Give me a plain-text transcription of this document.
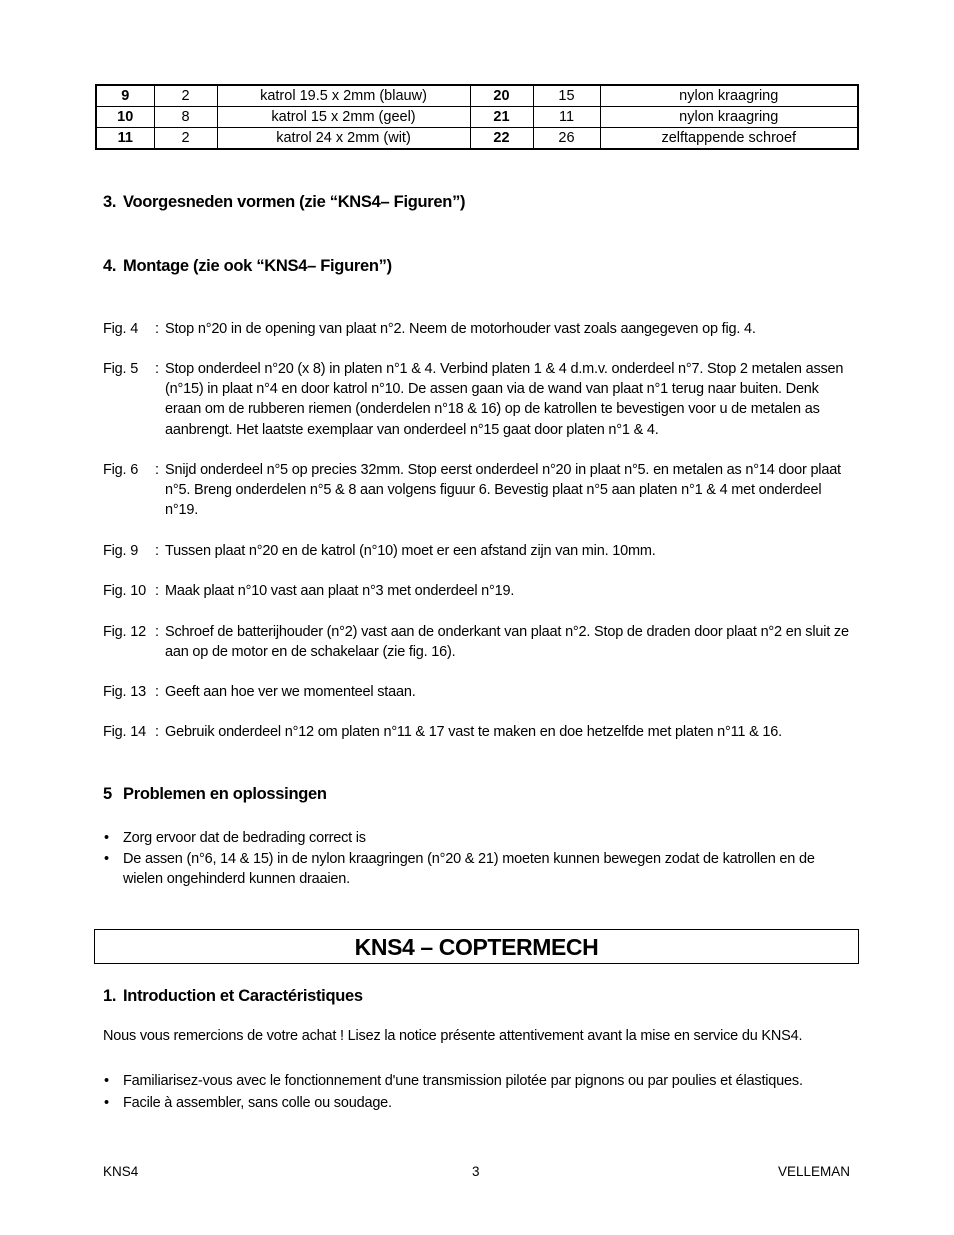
9	2	katrol 19.5 x 2mm (blauw)	20	15	nylon kraagring
10	8	katrol 15 x 2mm (geel)	21	11	nylon kraagring
11	2	katrol 24 x 2mm (wit)	22	26	zelftappende schroef
3. Voorgesneden vormen (zie “KNS4– Figuren”)
4. Montage (zie ook “KNS4– Figuren”)
Fig. 4	: Stop n°20 in de opening van plaat n°2. Neem de motorhouder vast zoals aangegeven op fig. 4.
Fig. 5	: Stop onderdeel n°20 (x 8) in platen n°1 & 4. Verbind platen 1 & 4 d.m.v. onderdeel n°7. Stop 2 metalen assen (n°15) in plaat n°4 en door katrol n°10. De assen gaan via de wand van plaat n°1 terug naar buiten. Denk eraan om de rubberen riemen (onderdelen n°18 & 16) op de katrollen te bevestigen voor u de metalen as aanbrengt. Het laatste exemplaar van onderdeel n°15 gaat door platen n°1 & 4.
Fig. 6	: Snijd onderdeel n°5 op precies 32mm. Stop eerst onderdeel n°20 in plaat n°5. en metalen as n°14 door plaat n°5. Breng onderdelen n°5 & 8 aan volgens figuur 6. Bevestig plaat n°5 aan platen n°1 & 4 met onderdeel n°19.
Fig. 9	: Tussen plaat n°20 en de katrol (n°10) moet er een afstand zijn van min. 10mm.
Fig. 10 : Maak plaat n°10 vast aan plaat n°3 met onderdeel n°19.
Fig. 12 : Schroef de batterijhouder (n°2) vast aan de onderkant van plaat n°2. Stop de draden door plaat n°2 en sluit ze aan op de motor en de schakelaar (zie fig. 16).
Fig. 13 : Geeft aan hoe ver we momenteel staan.
Fig. 14 : Gebruik onderdeel n°12 om platen n°11 & 17 vast te maken en doe hetzelfde met platen n°11 & 16.
5 Problemen en oplossingen
• Zorg ervoor dat de bedrading correct is
• De assen (n°6, 14 & 15) in de nylon kraagringen (n°20 & 21) moeten kunnen bewegen zodat de katrollen en de wielen ongehinderd kunnen draaien.
KNS4 – COPTERMECH
1. Introduction et Caractéristiques
Nous vous remercions de votre achat ! Lisez la notice présente attentivement avant la mise en service du KNS4.
• Familiarisez-vous avec le fonctionnement d'une transmission pilotée par pignons ou par poulies et élastiques.
• Facile à assembler, sans colle ou soudage.
KNS4	3	VELLEMAN
